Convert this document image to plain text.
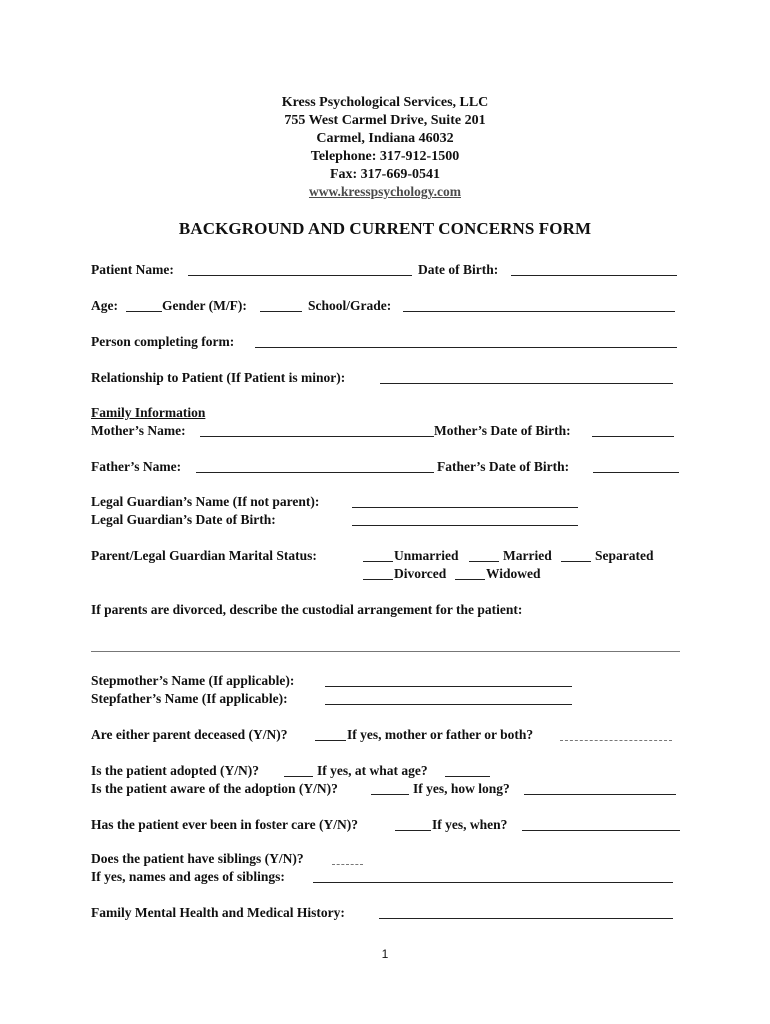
Kress Psychological Services, LLC
755 West Carmel Drive, Suite 201
Carmel, Indiana 46032
Telephone: 317-912-1500
Fax: 317-669-0541
www.kresspsychology.com
BACKGROUND AND CURRENT CONCERNS FORM
Patient Name:	Date of Birth:
Age:	Gender (M/F):	School/Grade:
Person completing form:
Relationship to Patient (If Patient is minor):
Family Information
Mother’s Name:	Mother’s Date of Birth:
Father’s Name:	Father’s Date of Birth:
Legal Guardian’s Name (If not parent):
Legal Guardian’s Date of Birth:
Parent/Legal Guardian Marital Status:	Unmarried	Married	Separated
Divorced	Widowed
If parents are divorced, describe the custodial arrangement for the patient:
Stepmother’s Name (If applicable):
Stepfather’s Name (If applicable):
Are either parent deceased (Y/N)?	If yes, mother or father or both?
Is the patient adopted (Y/N)?	If yes, at what age?
Is the patient aware of the adoption (Y/N)?	If yes, how long?
Has the patient ever been in foster care (Y/N)?	If yes, when?
Does the patient have siblings (Y/N)?
If yes, names and ages of siblings:
Family Mental Health and Medical History:
1
